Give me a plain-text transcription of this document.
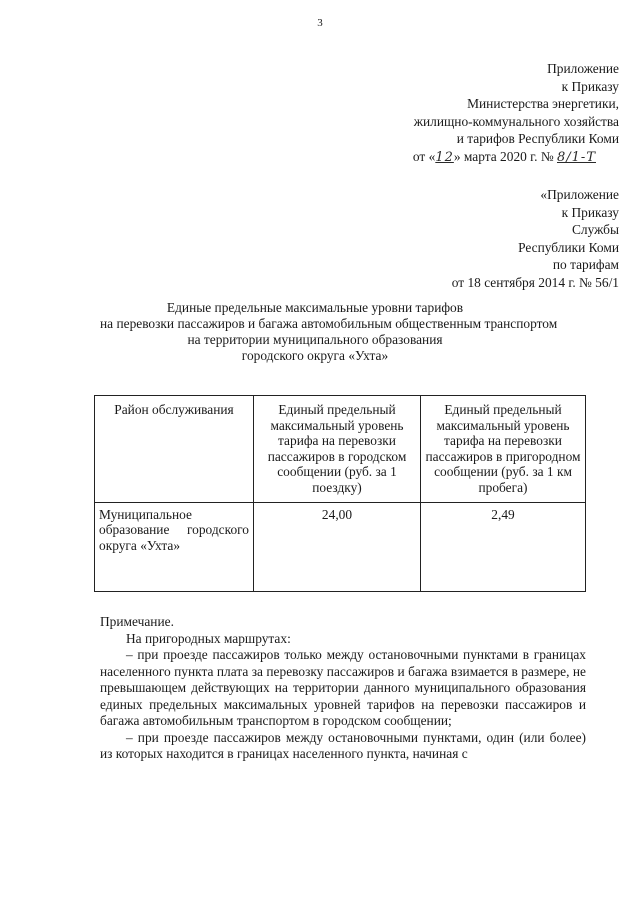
3
Приложение
к Приказу
Министерства энергетики,
жилищно-коммунального хозяйства
и тарифов Республики Коми
от «12» марта 2020 г. № 8/1-Т
«Приложение
к Приказу
Службы
Республики Коми
по тарифам
от 18 сентября 2014 г. № 56/1
Единые предельные максимальные уровни тарифов
на перевозки пассажиров и багажа автомобильным общественным транспортом
на территории муниципального образования
городского округа «Ухта»
Район обслуживания	Единый предельный максимальный уровень тарифа на перевозки пассажиров в городском сообщении (руб. за 1 поездку)	Единый предельный максимальный уровень тарифа на перевозки пассажиров в пригородном сообщении (руб. за 1 км пробега)
Муниципальное образование городского округа «Ухта»	24,00	2,49

Примечание.

На пригородных маршрутах:

– при проезде пассажиров только между остановочными пунктами в границах населенного пункта плата за перевозку пассажиров и багажа взимается в размере, не превышающем действующих на территории данного муниципального образования единых предельных максимальных уровней тарифов на перевозки пассажиров и багажа автомобильным транспортом в городском сообщении;

– при проезде пассажиров между остановочными пунктами, один (или более) из которых находится в границах населенного пункта, начиная с
